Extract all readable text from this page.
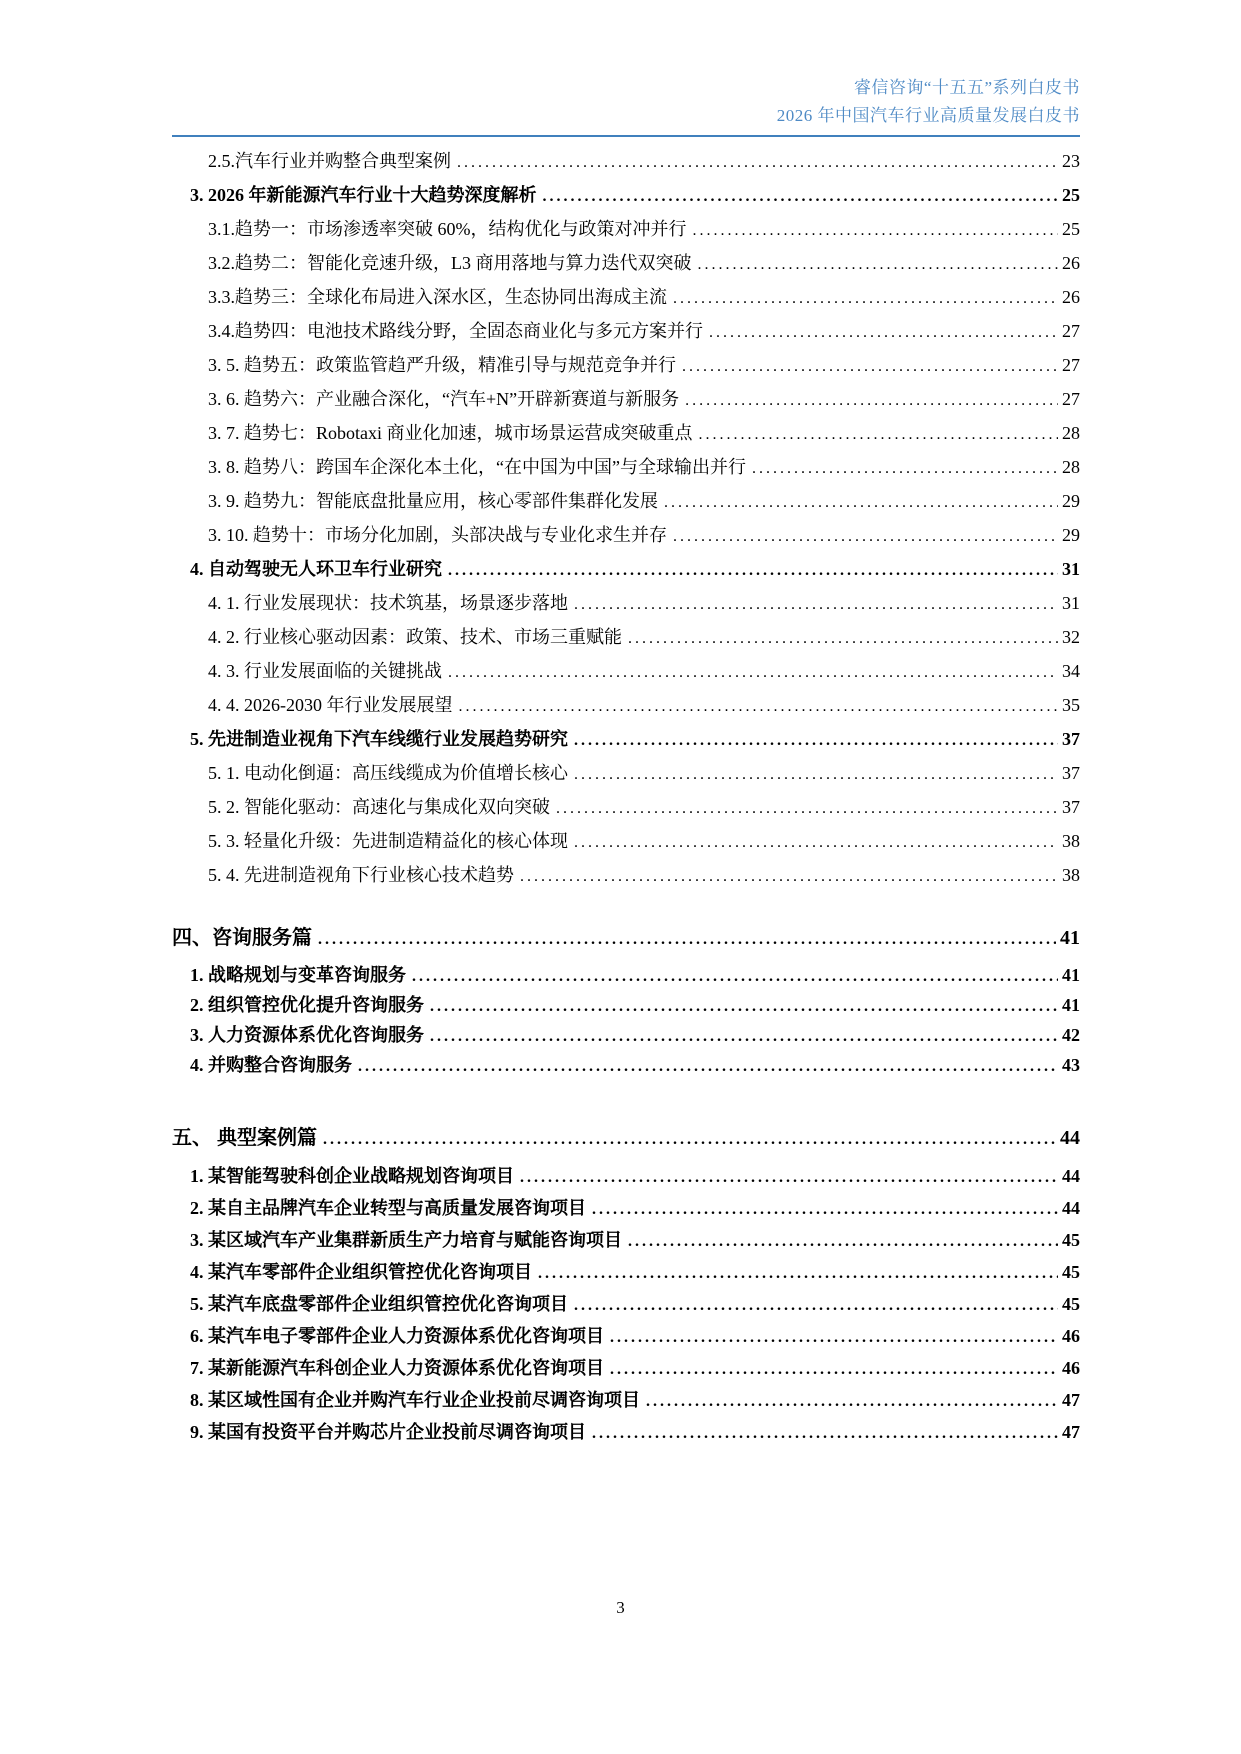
睿信咨询“十五五”系列白皮书
2026 年中国汽车行业高质量发展白皮书
2.5.汽车行业并购整合典型案例 .....	23
3. 2026 年新能源汽车行业十大趋势深度解析 .....	25
3.1.趋势一：市场渗透率突破 60%，结构优化与政策对冲并行 .....	25
3.2.趋势二：智能化竞速升级，L3 商用落地与算力迭代双突破 .....	26
3.3.趋势三：全球化布局进入深水区，生态协同出海成主流 .....	26
3.4.趋势四：电池技术路线分野，全固态商业化与多元方案并行 .....	27
3. 5. 趋势五：政策监管趋严升级，精准引导与规范竞争并行 .....	27
3. 6. 趋势六：产业融合深化，“汽车+N”开辟新赛道与新服务 .....	27
3. 7. 趋势七：Robotaxi 商业化加速，城市场景运营成突破重点 .....	28
3. 8. 趋势八：跨国车企深化本土化，“在中国为中国”与全球输出并行 .....	28
3. 9. 趋势九：智能底盘批量应用，核心零部件集群化发展 .....	29
3. 10. 趋势十：市场分化加剧，头部决战与专业化求生并存 .....	29
4. 自动驾驶无人环卫车行业研究 .....	31
4. 1. 行业发展现状：技术筑基，场景逐步落地 .....	31
4. 2. 行业核心驱动因素：政策、技术、市场三重赋能 .....	32
4. 3. 行业发展面临的关键挑战 .....	34
4. 4. 2026-2030 年行业发展展望 .....	35
5. 先进制造业视角下汽车线缆行业发展趋势研究 .....	37
5. 1. 电动化倒逼：高压线缆成为价值增长核心 .....	37
5. 2. 智能化驱动：高速化与集成化双向突破 .....	37
5. 3. 轻量化升级：先进制造精益化的核心体现 .....	38
5. 4. 先进制造视角下行业核心技术趋势 .....	38
四、咨询服务篇 .....	41
1. 战略规划与变革咨询服务 .....	41
2. 组织管控优化提升咨询服务 .....	41
3. 人力资源体系优化咨询服务 .....	42
4. 并购整合咨询服务 .....	43
五、 典型案例篇 .....	44
1. 某智能驾驶科创企业战略规划咨询项目 .....	44
2. 某自主品牌汽车企业转型与高质量发展咨询项目 .....	44
3. 某区域汽车产业集群新质生产力培育与赋能咨询项目 .....	45
4. 某汽车零部件企业组织管控优化咨询项目 .....	45
5. 某汽车底盘零部件企业组织管控优化咨询项目 .....	45
6. 某汽车电子零部件企业人力资源体系优化咨询项目 .....	46
7. 某新能源汽车科创企业人力资源体系优化咨询项目 .....	46
8. 某区域性国有企业并购汽车行业企业投前尽调咨询项目 .....	47
9. 某国有投资平台并购芯片企业投前尽调咨询项目 .....	47
3
